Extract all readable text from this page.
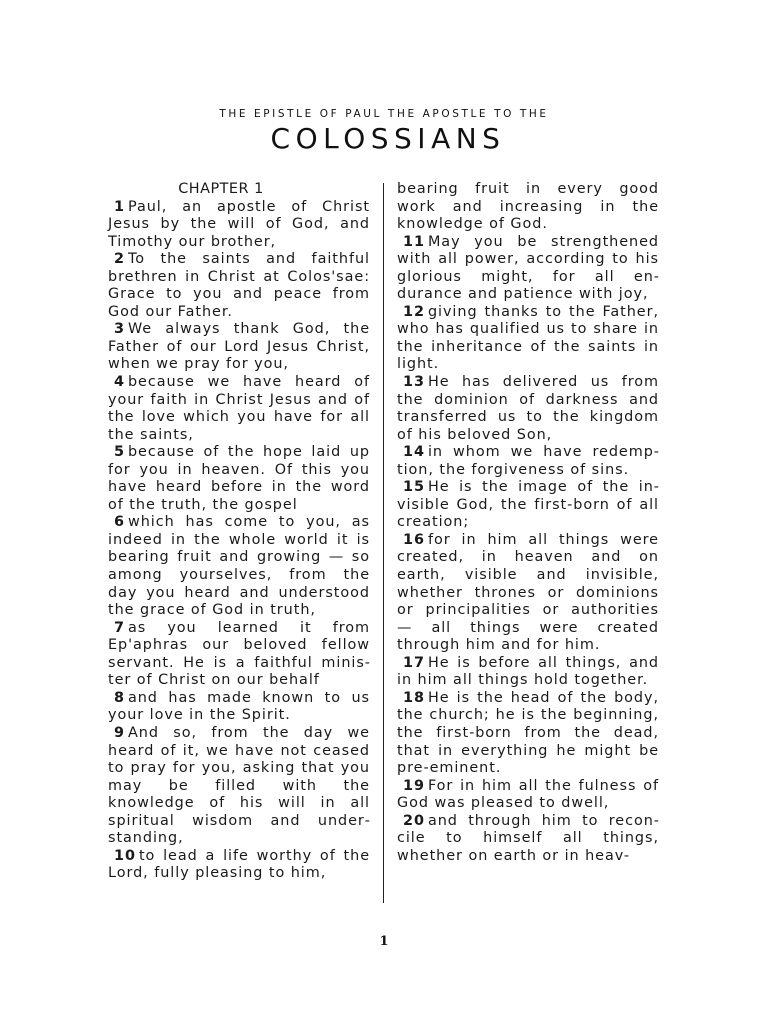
THE EPISTLE OF PAUL THE APOSTLE TO THE
COLOSSIANS
CHAPTER 1

1 Paul, an apostle of Christ Jesus by the will of God, and Timothy our brother,

2 To the saints and faithful brethren in Christ at Colos'sae: Grace to you and peace from God our Father.

3 We always thank God, the Father of our Lord Jesus Christ, when we pray for you,

4 because we have heard of your faith in Christ Jesus and of the love which you have for all the saints,

5 because of the hope laid up for you in heaven. Of this you have heard before in the word of the truth, the gospel

6 which has come to you, as indeed in the whole world it is bearing fruit and growing — so among yourselves, from the day you heard and understood the grace of God in truth,

7 as you learned it from Ep'aphras our beloved fellow servant. He is a faithful minister of Christ on our behalf

8 and has made known to us your love in the Spirit.

9 And so, from the day we heard of it, we have not ceased to pray for you, asking that you may be filled with the knowledge of his will in all spiritual wisdom and understanding,

10 to lead a life worthy of the Lord, fully pleasing to him,

bearing fruit in every good work and increasing in the knowledge of God.

11 May you be strengthened with all power, according to his glorious might, for all endurance and patience with joy,

12 giving thanks to the Father, who has qualified us to share in the inheritance of the saints in light.

13 He has delivered us from the dominion of darkness and transferred us to the kingdom of his beloved Son,

14 in whom we have redemption, the forgiveness of sins.

15 He is the image of the invisible God, the first-born of all creation;

16 for in him all things were created, in heaven and on earth, visible and invisible, whether thrones or dominions or principalities or authorities — all things were created through him and for him.

17 He is before all things, and in him all things hold together.

18 He is the head of the body, the church; he is the beginning, the first-born from the dead, that in everything he might be pre-eminent.

19 For in him all the fulness of God was pleased to dwell,

20 and through him to reconcile to himself all things, whether on earth or in heav-

1
